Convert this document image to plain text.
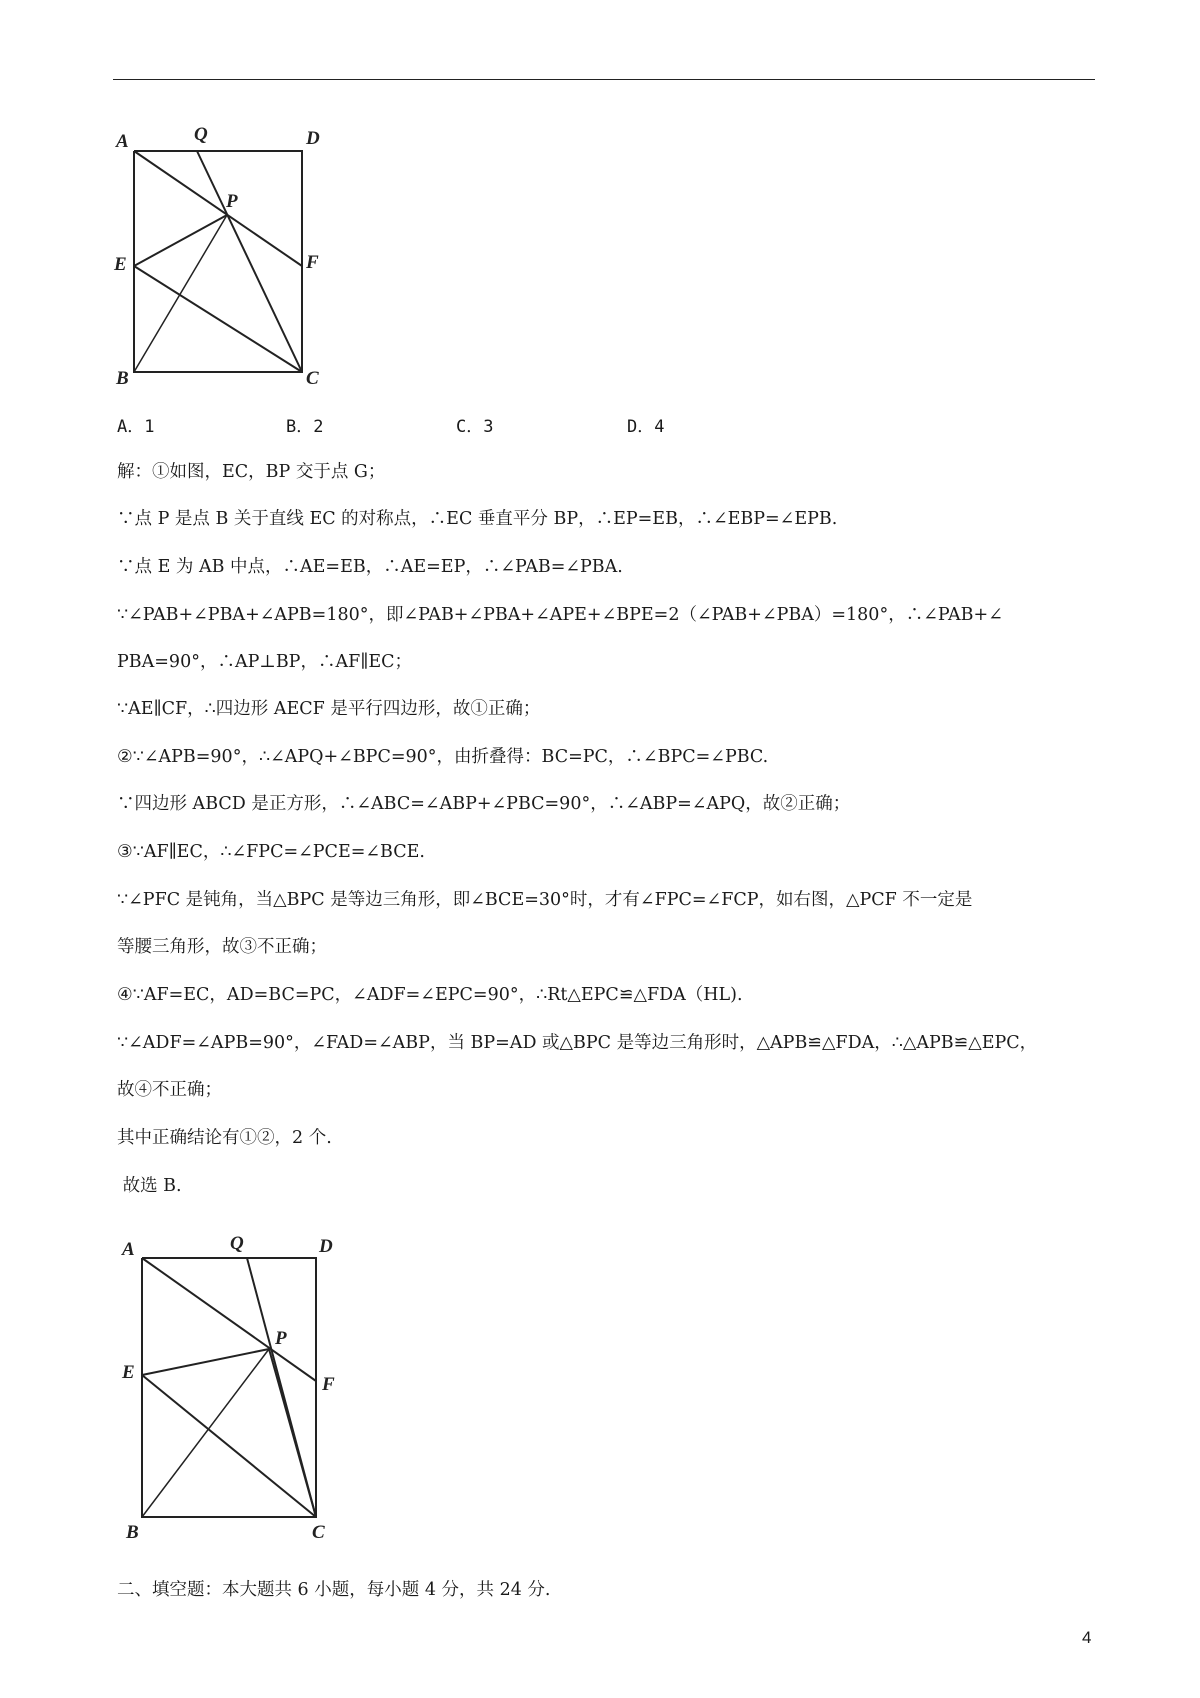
A	Q	D
P
E	F
B	C
A．1	B．2	C．3	D．4
解：①如图，EC，BP 交于点 G；
∵点 P 是点 B 关于直线 EC 的对称点，∴EC 垂直平分 BP，∴EP=EB，∴∠EBP=∠EPB.
∵点 E 为 AB 中点，∴AE=EB，∴AE=EP，∴∠PAB=∠PBA.
∵∠PAB+∠PBA+∠APB=180°，即∠PAB+∠PBA+∠APE+∠BPE=2（∠PAB+∠PBA）=180°，∴∠PAB+∠
PBA=90°，∴AP⊥BP，∴AF∥EC；
∵AE∥CF，∴四边形 AECF 是平行四边形，故①正确；
②∵∠APB=90°，∴∠APQ+∠BPC=90°，由折叠得：BC=PC，∴∠BPC=∠PBC.
∵四边形 ABCD 是正方形，∴∠ABC=∠ABP+∠PBC=90°，∴∠ABP=∠APQ，故②正确；
③∵AF∥EC，∴∠FPC=∠PCE=∠BCE.
∵∠PFC 是钝角，当△BPC 是等边三角形，即∠BCE=30°时，才有∠FPC=∠FCP，如右图，△PCF 不一定是
等腰三角形，故③不正确；
④∵AF=EC，AD=BC=PC，∠ADF=∠EPC=90°，∴Rt△EPC≌△FDA（HL).
∵∠ADF=∠APB=90°，∠FAD=∠ABP，当 BP=AD 或△BPC 是等边三角形时，△APB≌△FDA，∴△APB≌△EPC，
故④不正确；
其中正确结论有①②，2 个.
故选 B.
A	Q	D
P
E
F
B	C
二、填空题：本大题共 6 小题，每小题 4 分，共 24 分.
4
